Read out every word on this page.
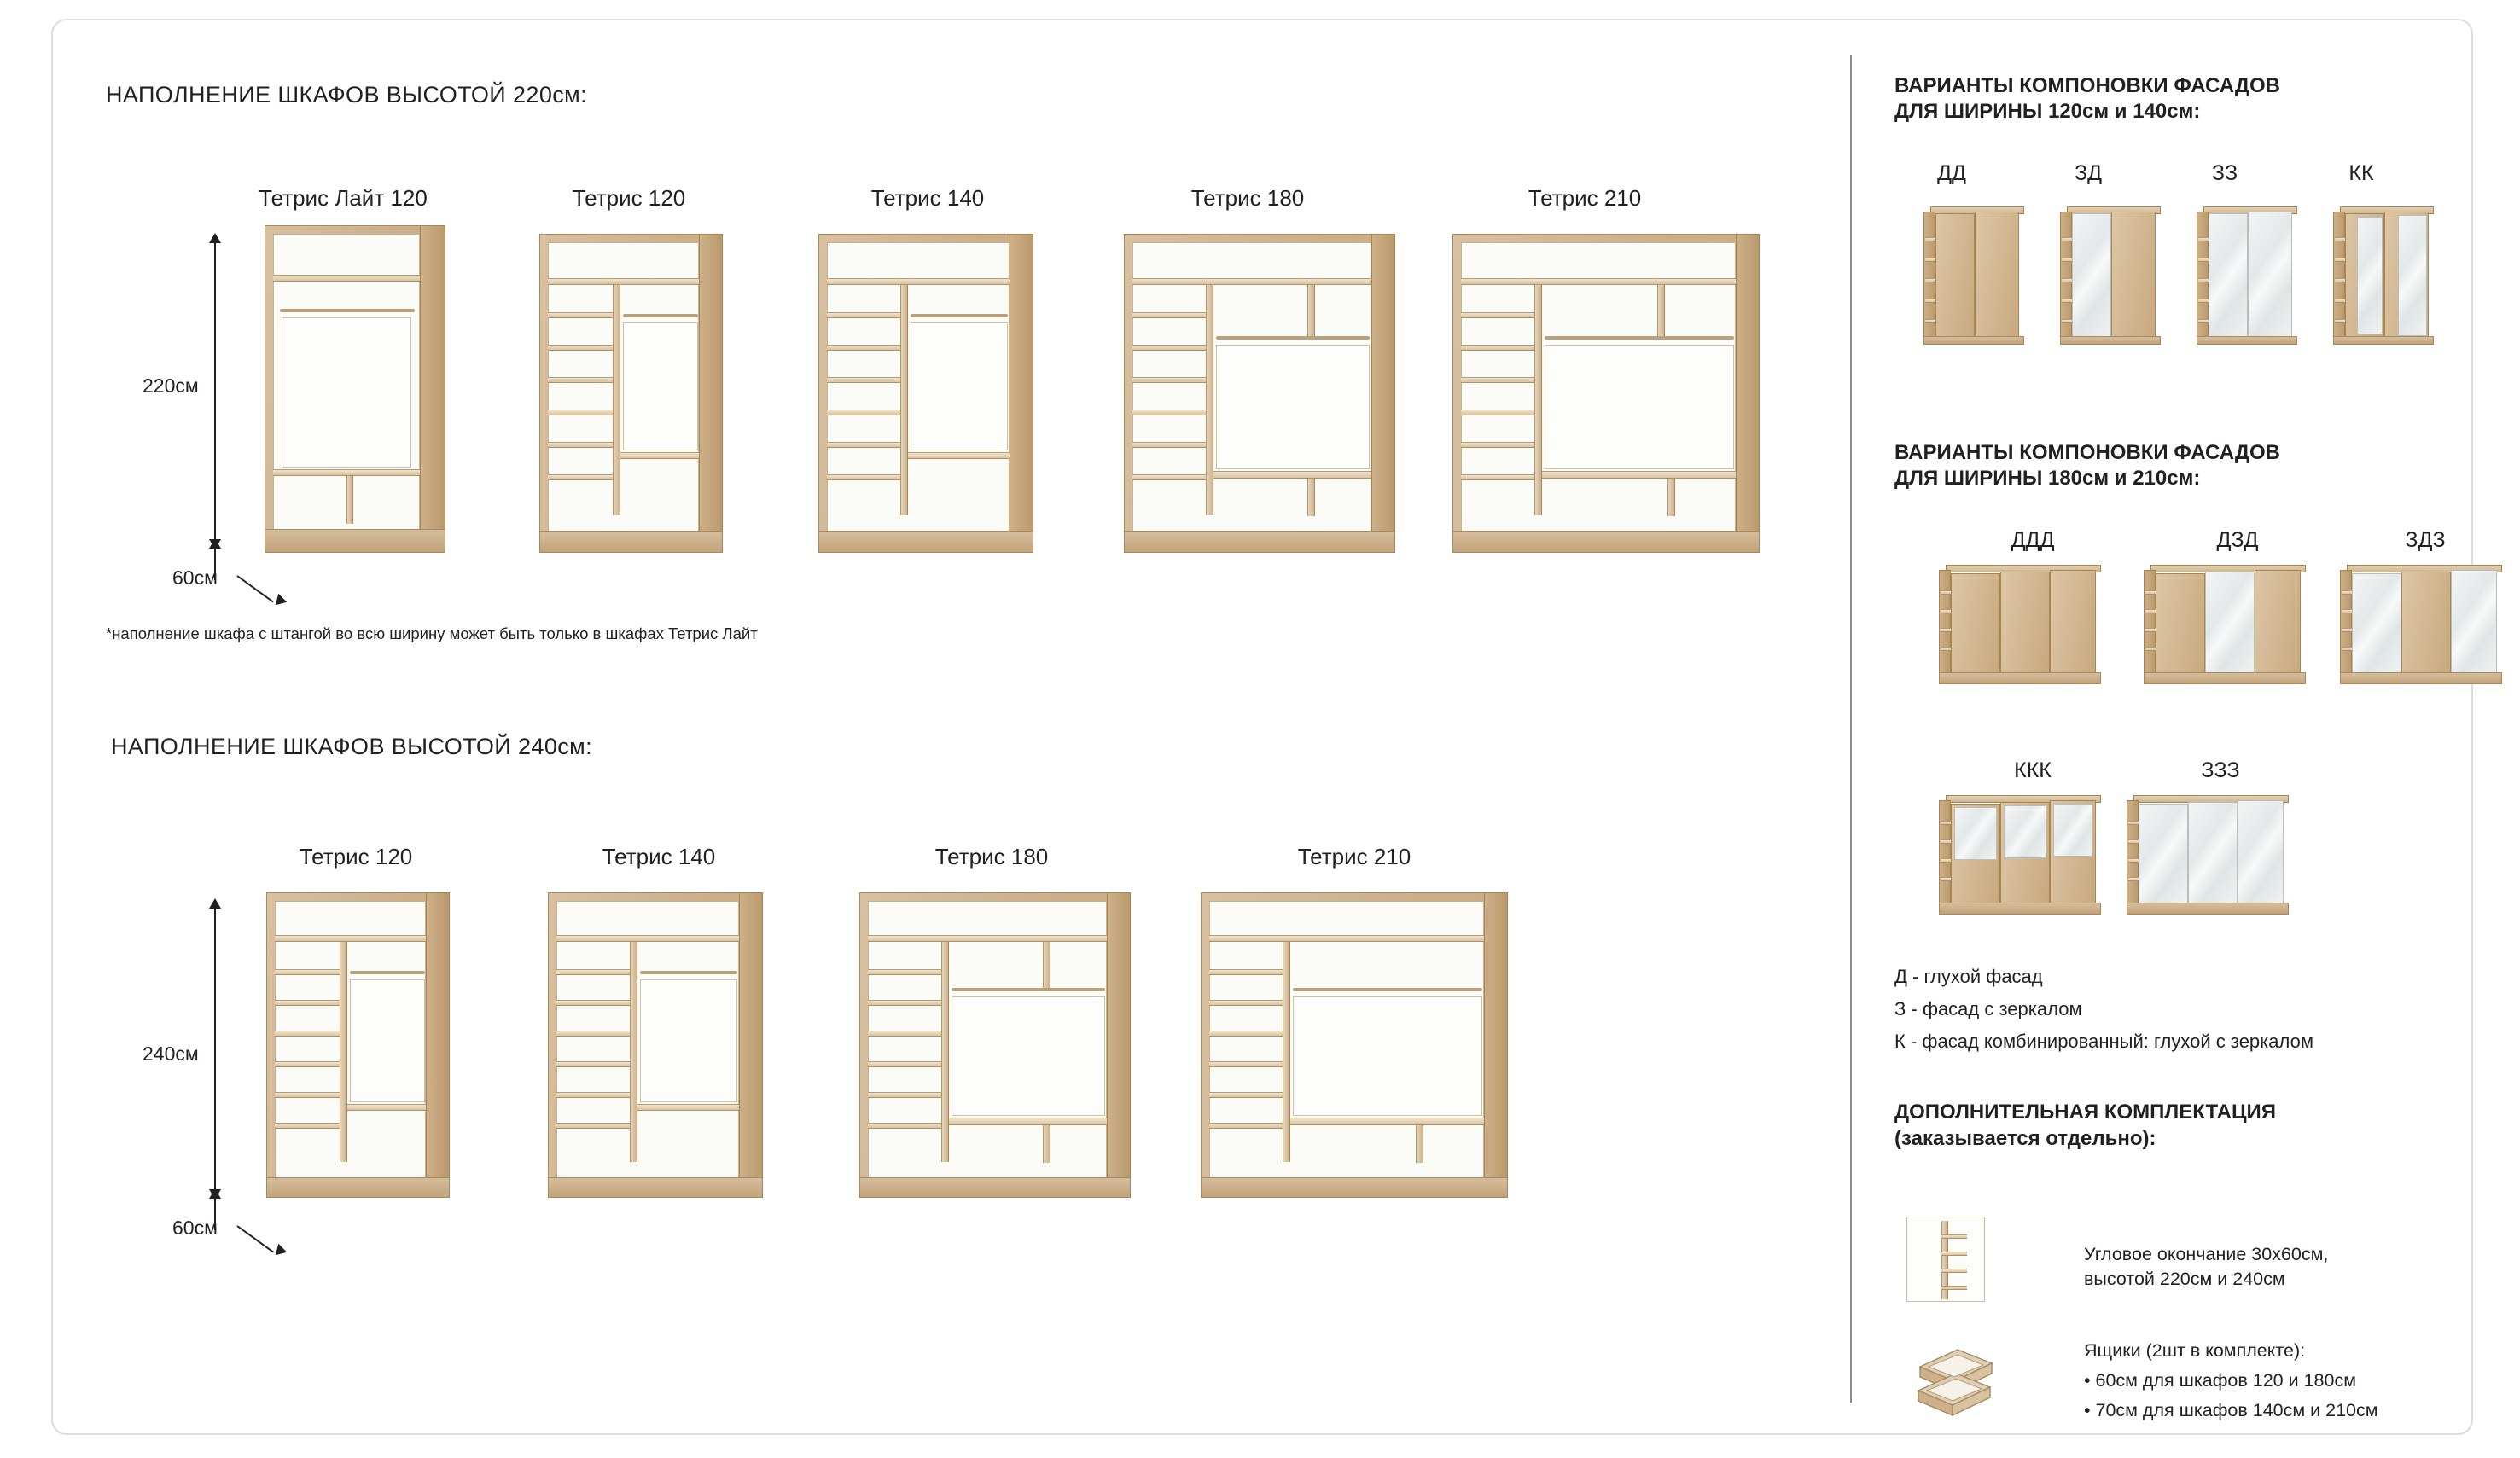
НАПОЛНЕНИЕ ШКАФОВ ВЫСОТОЙ 220см:
220см
60см
Тетрис Лайт 120	Тетрис 120	Тетрис 140	Тетрис 180	Тетрис 210
*наполнение шкафа с штангой во всю ширину может быть только в шкафах Тетрис Лайт
НАПОЛНЕНИЕ ШКАФОВ ВЫСОТОЙ 240см:
240см
60см
Тетрис 120	Тетрис 140	Тетрис 180	Тетрис 210
ВАРИАНТЫ КОМПОНОВКИ ФАСАДОВ
ДЛЯ ШИРИНЫ 120см и 140см:
ДД	ЗД	ЗЗ	КК
ВАРИАНТЫ КОМПОНОВКИ ФАСАДОВ
ДЛЯ ШИРИНЫ 180см и 210см:
ДДД	ДЗД	ЗДЗ
ККК	ЗЗЗ
Д - глухой фасад
З - фасад с зеркалом
К - фасад комбинированный: глухой с зеркалом
ДОПОЛНИТЕЛЬНАЯ КОМПЛЕКТАЦИЯ
(заказывается отдельно):
Угловое окончание 30х60см,
высотой 220см и 240см
Ящики (2шт в комплекте):
• 60см для шкафов 120 и 180см
• 70см для шкафов 140см и 210см
